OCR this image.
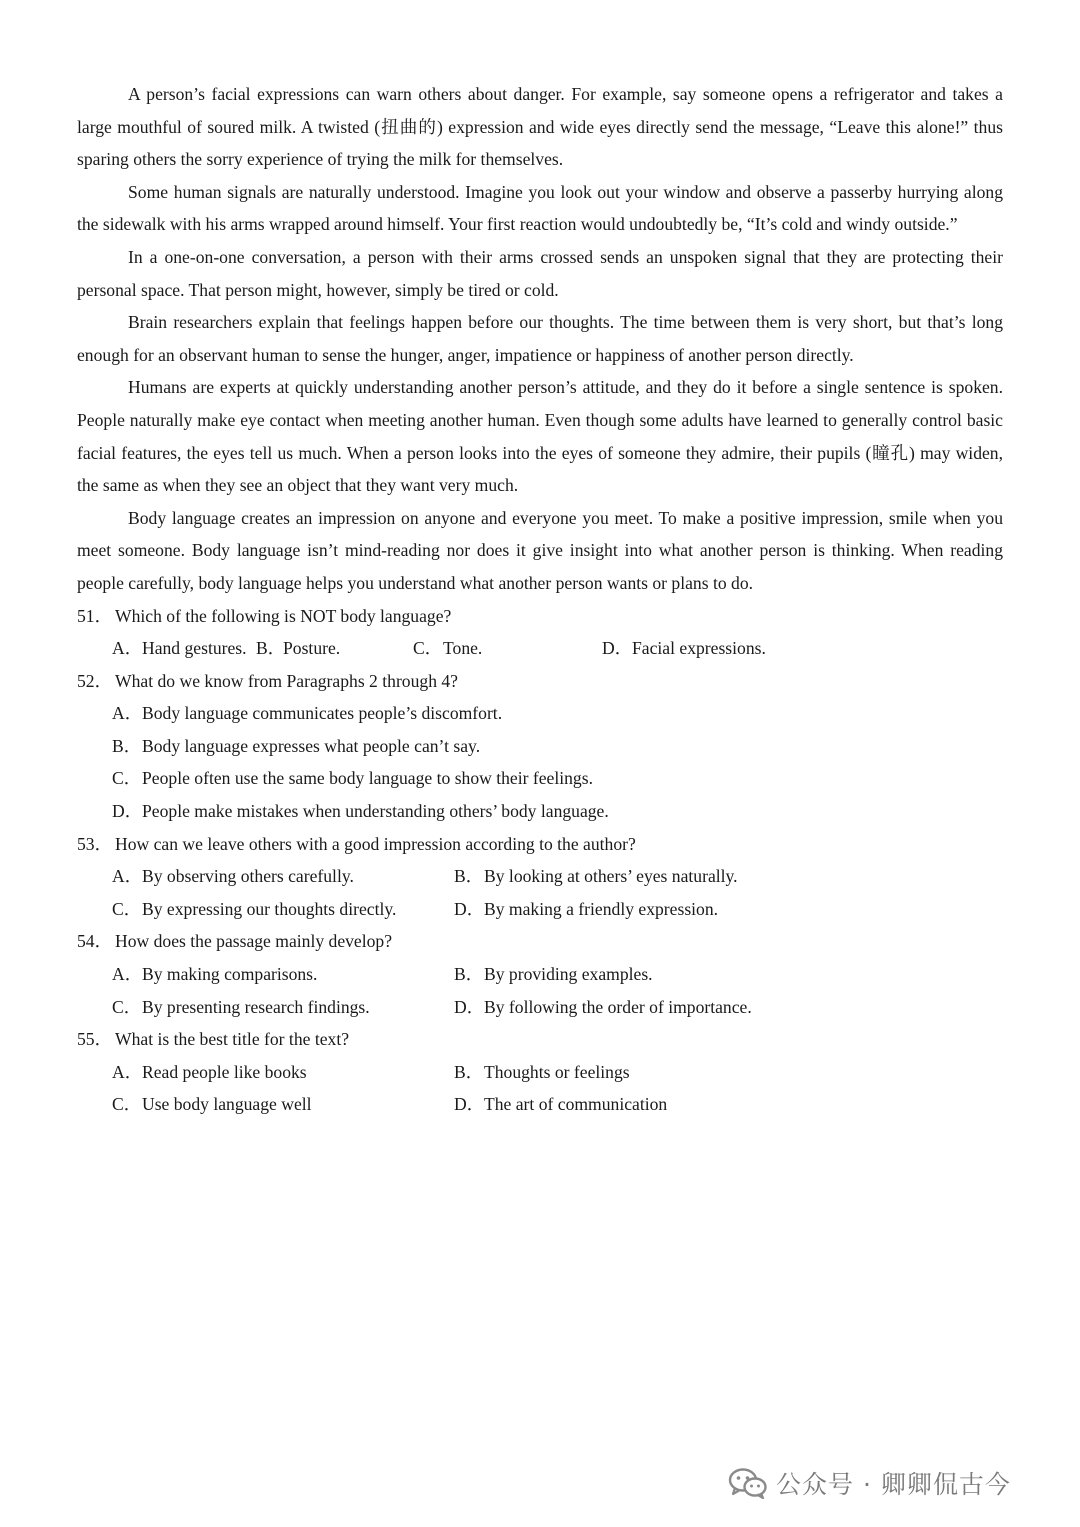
A person’s facial expressions can warn others about danger. For example, say someone opens a refrigerator and takes a large mouthful of soured milk. A twisted (扭曲的) expression and wide eyes directly send the message, “Leave this alone!” thus sparing others the sorry experience of trying the milk for themselves.

Some human signals are naturally understood. Imagine you look out your window and observe a passerby hurrying along the sidewalk with his arms wrapped around himself. Your first reaction would undoubtedly be, “It’s cold and windy outside.”

In a one-on-one conversation, a person with their arms crossed sends an unspoken signal that they are protecting their personal space. That person might, however, simply be tired or cold.

Brain researchers explain that feelings happen before our thoughts. The time between them is very short, but that’s long enough for an observant human to sense the hunger, anger, impatience or happiness of another person directly.

Humans are experts at quickly understanding another person’s attitude, and they do it before a single sentence is spoken. People naturally make eye contact when meeting another human. Even though some adults have learned to generally control basic facial features, the eyes tell us much. When a person looks into the eyes of someone they admire, their pupils (瞳孔) may widen, the same as when they see an object that they want very much.

Body language creates an impression on anyone and everyone you meet. To make a positive impression, smile when you meet someone. Body language isn’t mind-reading nor does it give insight into what another person is thinking. When reading people carefully, body language helps you understand what another person wants or plans to do.

51． Which of the following is NOT body language?

A．Hand gestures. B．Posture.	C．Tone.	D．Facial expressions.

52． What do we know from Paragraphs 2 through 4?

A．Body language communicates people’s discomfort.

B．Body language expresses what people can’t say.

C．People often use the same body language to show their feelings.

D．People make mistakes when understanding others’ body language.

53． How can we leave others with a good impression according to the author?

A．By observing others carefully.	B．By looking at others’ eyes naturally.

C．By expressing our thoughts directly.	D．By making a friendly expression.

54． How does the passage mainly develop?

A．By making comparisons.	B．By providing examples.

C．By presenting research findings.	D．By following the order of importance.

55． What is the best title for the text?

A．Read people like books	B．Thoughts or feelings

C．Use body language well	D．The art of communication

公众号 · 卿卿侃古今
